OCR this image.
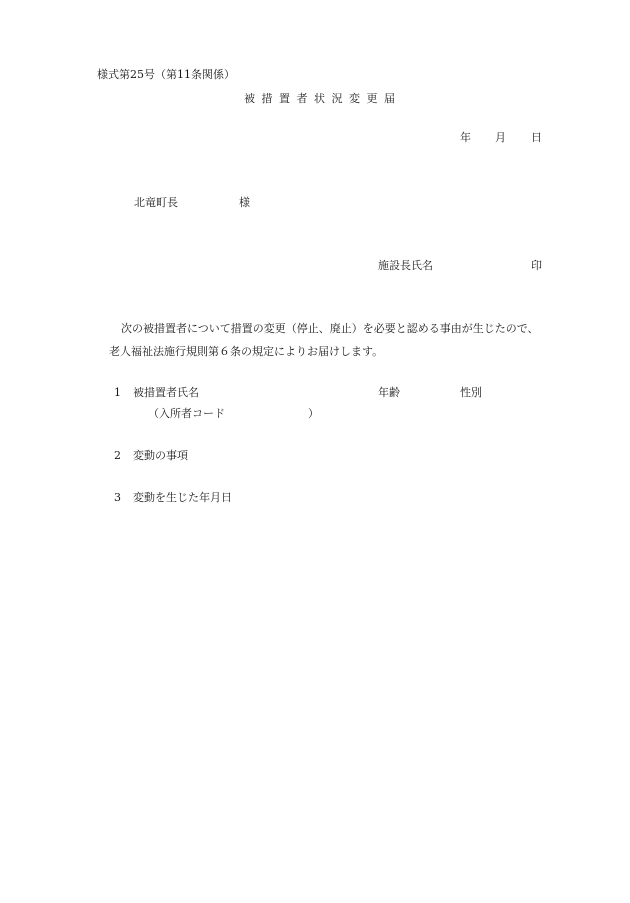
様式第25号（第11条関係）
被措置者状況変更届
年 月 日
北竜町長	様
施設長氏名	印
次の被措置者について措置の変更（停止、廃止）を必要と認める事由が生じたので、
老人福祉法施行規則第６条の規定によりお届けします。
1 被措置者氏名	年齢	性別
（入所者コード	）
2 変動の事項
3 変動を生じた年月日
